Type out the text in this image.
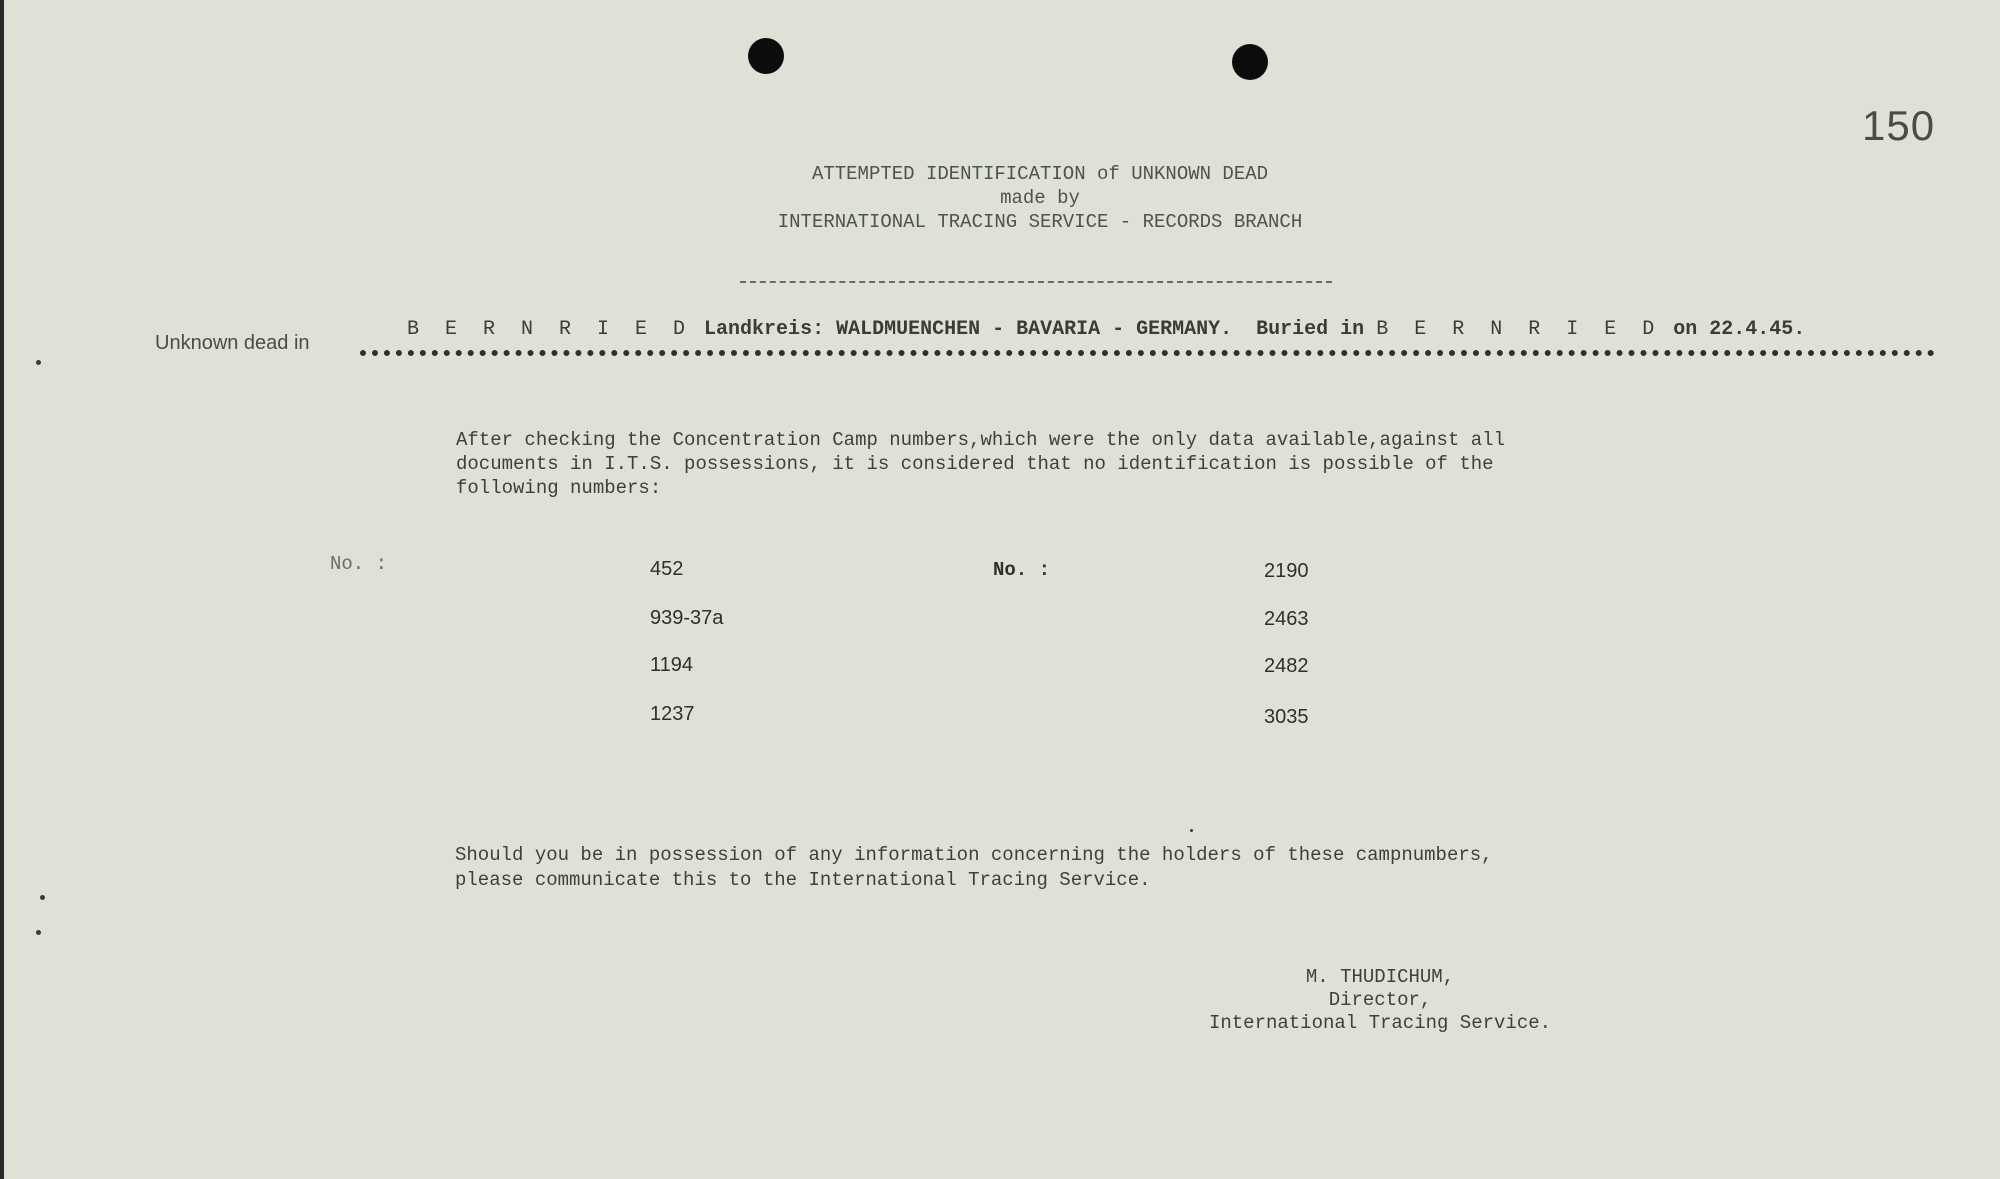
150
ATTEMPTED IDENTIFICATION of UNKNOWN DEAD
made by
INTERNATIONAL TRACING SERVICE - RECORDS BRANCH
Unknown dead in
B E R N R I E D Landkreis: WALDMUENCHEN - BAVARIA - GERMANY. Buried in B E R N R I E D on 22.4.45.
After checking the Concentration Camp numbers,which were the only data available,against all
documents in I.T.S. possessions, it is considered that no identification is possible of the
following numbers:
No. :	No. :
452
939-37a
1194
1237
2190
2463
2482
3035
Should you be in possession of any information concerning the holders of these campnumbers,
please communicate this to the International Tracing Service.
M. THUDICHUM,
Director,
International Tracing Service.
